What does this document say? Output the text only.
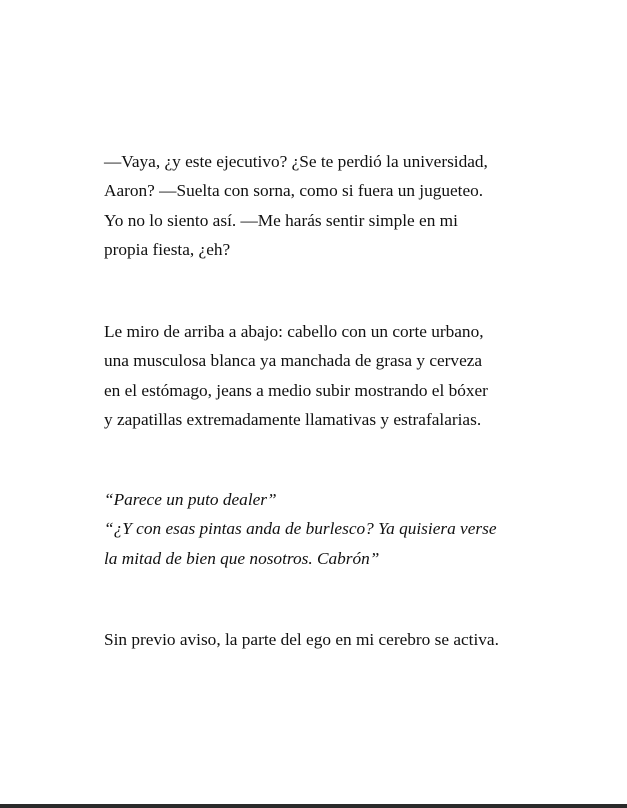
—Vaya, ¿y este ejecutivo? ¿Se te perdió la universidad,
Aaron? —Suelta con sorna, como si fuera un jugueteo.
Yo no lo siento así. —Me harás sentir simple en mi
propia fiesta, ¿eh?

Le miro de arriba a abajo: cabello con un corte urbano,
una musculosa blanca ya manchada de grasa y cerveza
en el estómago, jeans a medio subir mostrando el bóxer
y zapatillas extremadamente llamativas y estrafalarias.

“Parece un puto dealer”
“¿Y con esas pintas anda de burlesco? Ya quisiera verse
la mitad de bien que nosotros. Cabrón”

Sin previo aviso, la parte del ego en mi cerebro se activa.
